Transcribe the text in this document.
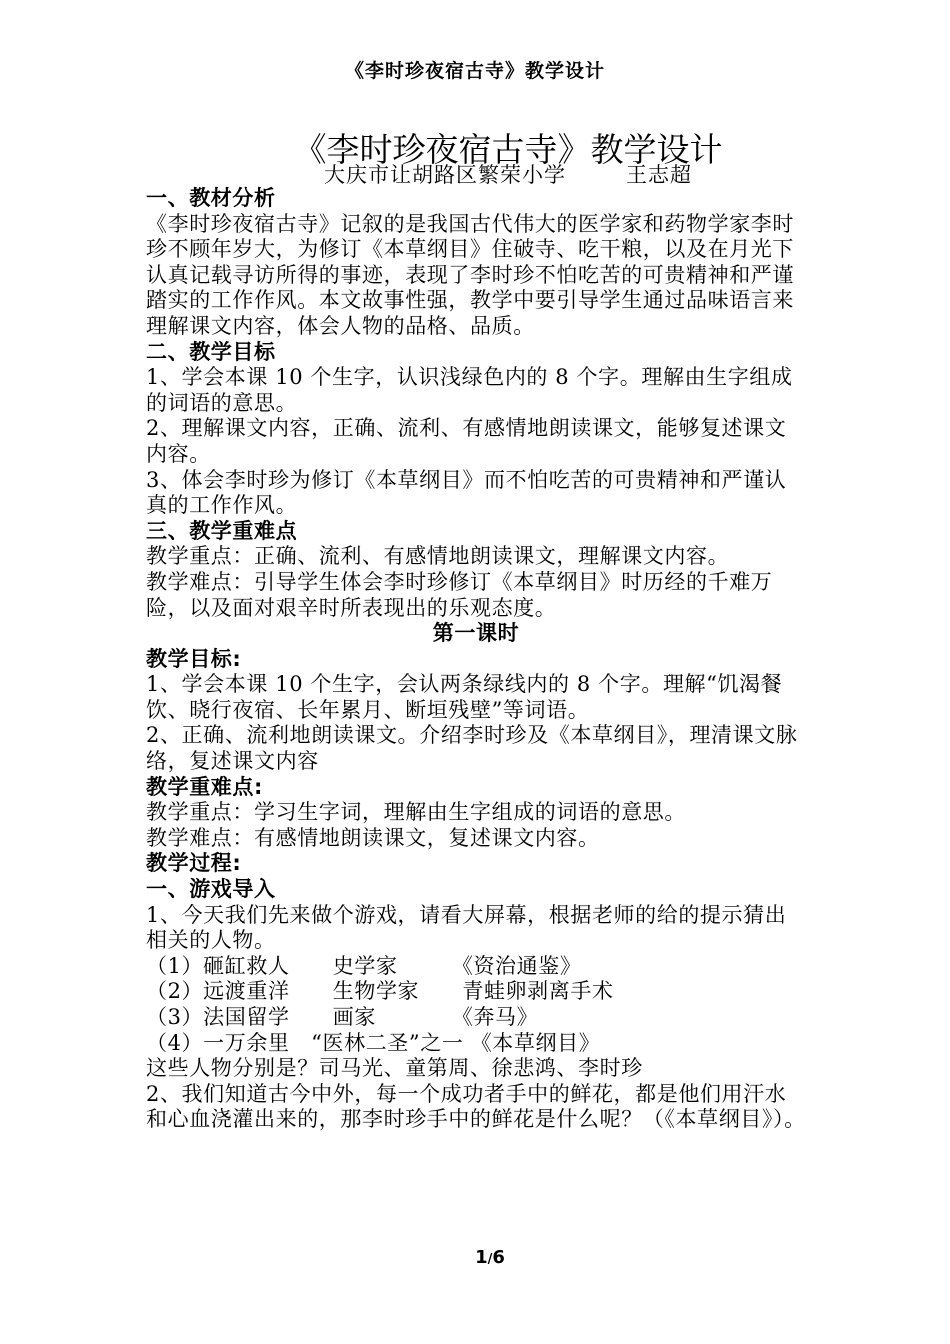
《李时珍夜宿古寺》教学设计
《李时珍夜宿古寺》教学设计
大庆市让胡路区繁荣小学	王志超

一、教材分析

《李时珍夜宿古寺》记叙的是我国古代伟大的医学家和药物学家李时珍不顾年岁大，为修订《本草纲目》住破寺、吃干粮，以及在月光下认真记载寻访所得的事迹，表现了李时珍不怕吃苦的可贵精神和严谨踏实的工作作风。本文故事性强，教学中要引导学生通过品味语言来理解课文内容，体会人物的品格、品质。

二、教学目标

1、学会本课 10 个生字，认识浅绿色内的 8 个字。理解由生字组成的词语的意思。

2、理解课文内容，正确、流利、有感情地朗读课文，能够复述课文内容。

3、体会李时珍为修订《本草纲目》而不怕吃苦的可贵精神和严谨认真的工作作风。

三、教学重难点

教学重点：正确、流利、有感情地朗读课文，理解课文内容。

教学难点：引导学生体会李时珍修订《本草纲目》时历经的千难万险，以及面对艰辛时所表现出的乐观态度。

第一课时

教学目标:

1、学会本课 10 个生字，会认两条绿线内的 8 个字。理解“饥渴餐饮、晓行夜宿、长年累月、断垣残壁”等词语。

2、正确、流利地朗读课文。介绍李时珍及《本草纲目》，理清课文脉络，复述课文内容

教学重难点:

教学重点：学习生字词，理解由生字组成的词语的意思。

教学难点：有感情地朗读课文，复述课文内容。

教学过程:

一、游戏导入

1、今天我们先来做个游戏，请看大屏幕，根据老师的给的提示猜出相关的人物。

（1）砸缸救人　　史学家　　　《资治通鉴》

（2）远渡重洋　　生物学家　　青蛙卵剥离手术

（3）法国留学　　画家　　　　《奔马》

（4）一万余里　“医林二圣”之一 《本草纲目》

这些人物分别是？司马光、童第周、徐悲鸿、李时珍

2、我们知道古今中外，每一个成功者手中的鲜花，都是他们用汗水和心血浇灌出来的，那李时珍手中的鲜花是什么呢？（《本草纲目》）。

1/6
